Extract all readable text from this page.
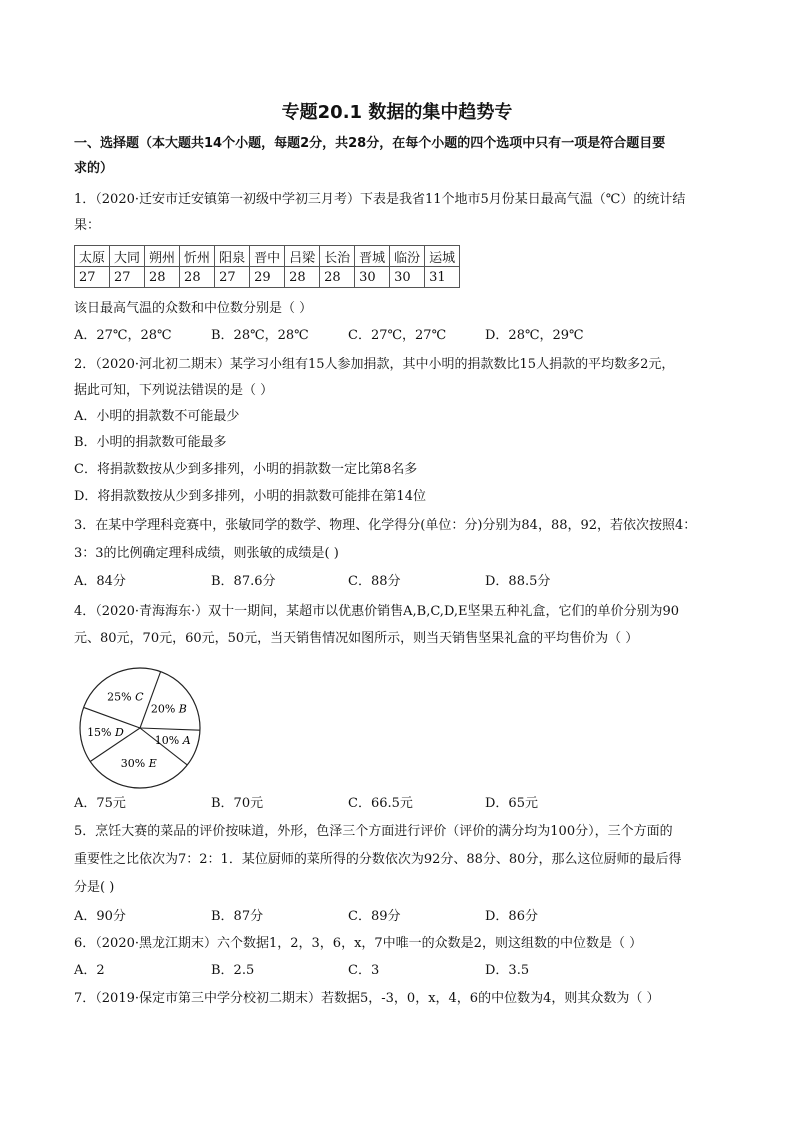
专题20.1 数据的集中趋势专
一、选择题（本大题共14个小题，每题2分，共28分，在每个小题的四个选项中只有一项是符合题目要
求的）
1．（2020·迁安市迁安镇第一初级中学初三月考）下表是我省11个地市5月份某日最高气温（℃）的统计结
果：
太原	大同	朔州	忻州	阳泉	晋中	吕梁	长治	晋城	临汾	运城
27	27	28	28	27	29	28	28	30	30	31
该日最高气温的众数和中位数分别是（ ）
A．27℃，28℃	B．28℃，28℃	C．27℃，27℃	D．28℃，29℃
2．（2020·河北初二期末）某学习小组有15人参加捐款，其中小明的捐款数比15人捐款的平均数多2元，
据此可知，下列说法错误的是（ ）
A．小明的捐款数不可能最少
B．小明的捐款数可能最多
C．将捐款数按从少到多排列，小明的捐款数一定比第8名多
D．将捐款数按从少到多排列，小明的捐款数可能排在第14位
3．在某中学理科竞赛中，张敏同学的数学、物理、化学得分(单位：分)分别为84，88，92，若依次按照4：
3：3的比例确定理科成绩，则张敏的成绩是( )
A．84分	B．87.6分	C．88分	D．88.5分
4．（2020·青海海东·）双十一期间，某超市以优惠价销售A,B,C,D,E坚果五种礼盒，它们的单价分别为90
元、80元，70元，60元，50元，当天销售情况如图所示，则当天销售坚果礼盒的平均售价为（ ）
25% C
20% B
10% A
30% E
15% D
A．75元	B．70元	C．66.5元	D．65元
5．烹饪大赛的菜品的评价按味道，外形，色泽三个方面进行评价（评价的满分均为100分），三个方面的
重要性之比依次为7：2：1．某位厨师的菜所得的分数依次为92分、88分、80分，那么这位厨师的最后得
分是( )
A．90分	B．87分	C．89分	D．86分
6．（2020·黑龙江期末）六个数据1，2，3，6，x，7中唯一的众数是2，则这组数的中位数是（ ）
A．2	B．2.5	C．3	D．3.5
7．（2019·保定市第三中学分校初二期末）若数据5，-3，0，x，4，6的中位数为4，则其众数为（ ）
